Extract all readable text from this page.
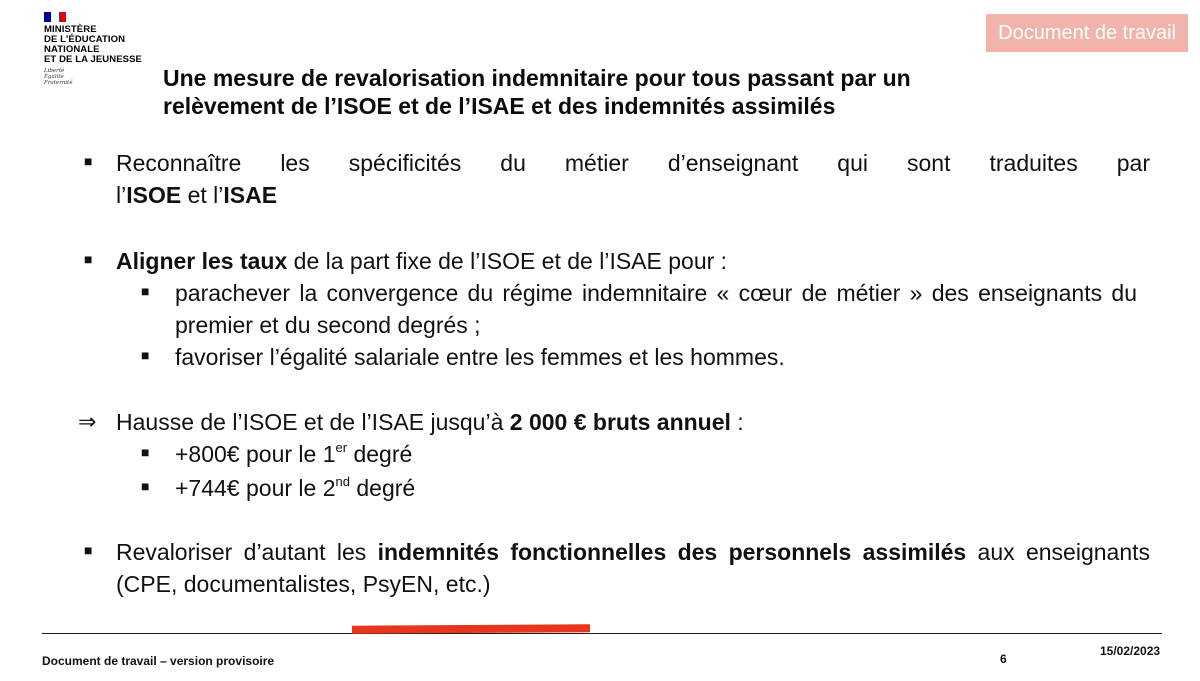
MINISTÈRE
DE L'ÉDUCATION
NATIONALE
ET DE LA JEUNESSE
Liberté
Égalité
Fraternité
Document de travail
Une mesure de revalorisation indemnitaire pour tous passant par un
relèvement de l’ISOE et de l’ISAE et des indemnités assimilés
■ Reconnaître les spécificités du métier d’enseignant qui sont traduites par
l’ISOE et l’ISAE
■ Aligner les taux de la part fixe de l’ISOE et de l’ISAE pour :
■ parachever la convergence du régime indemnitaire « cœur de métier » des enseignants du premier et du second degrés ;
■ favoriser l’égalité salariale entre les femmes et les hommes.
⇒ Hausse de l’ISOE et de l’ISAE jusqu’à 2 000 € bruts annuel :
■ +800€ pour le 1er degré
■ +744€ pour le 2nd degré
■ Revaloriser d’autant les indemnités fonctionnelles des personnels assimilés aux enseignants (CPE, documentalistes, PsyEN, etc.)
Document de travail – version provisoire	6
15/02/2023
